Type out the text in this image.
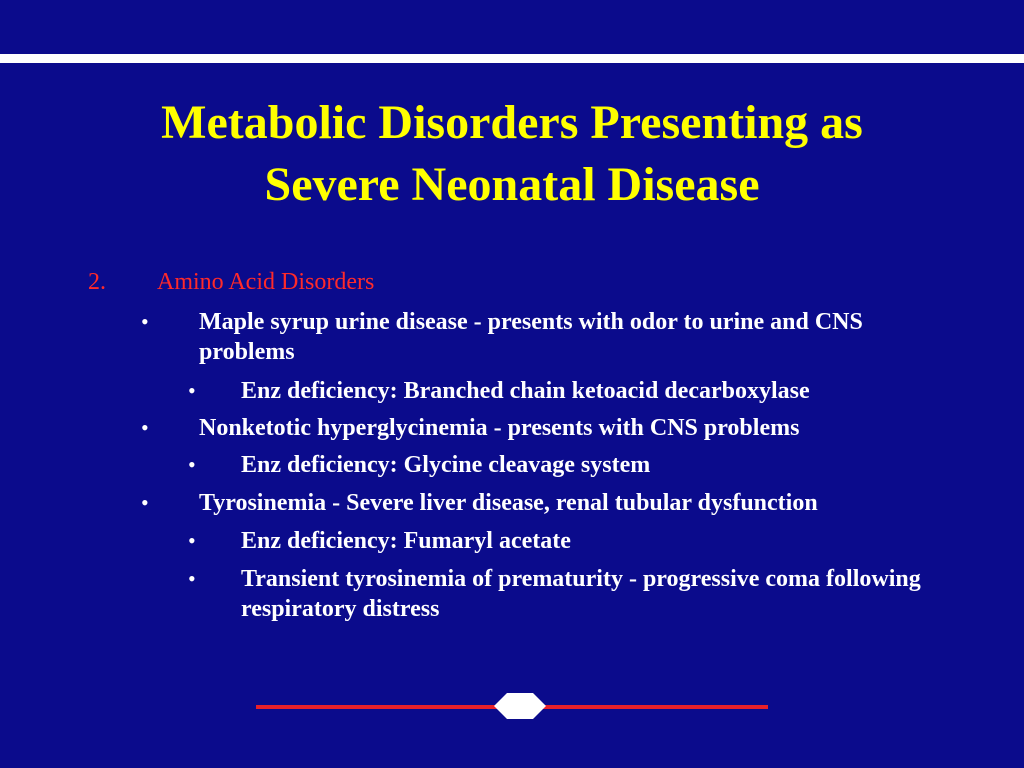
Metabolic Disorders Presenting as
Severe Neonatal Disease
2. Amino Acid Disorders
• Maple syrup urine disease - presents with odor to urine and CNS problems
• Enz deficiency: Branched chain ketoacid decarboxylase
• Nonketotic hyperglycinemia - presents with CNS problems
• Enz deficiency: Glycine cleavage system
• Tyrosinemia - Severe liver disease, renal tubular dysfunction
• Enz deficiency: Fumaryl acetate
• Transient tyrosinemia of prematurity - progressive coma following respiratory distress
